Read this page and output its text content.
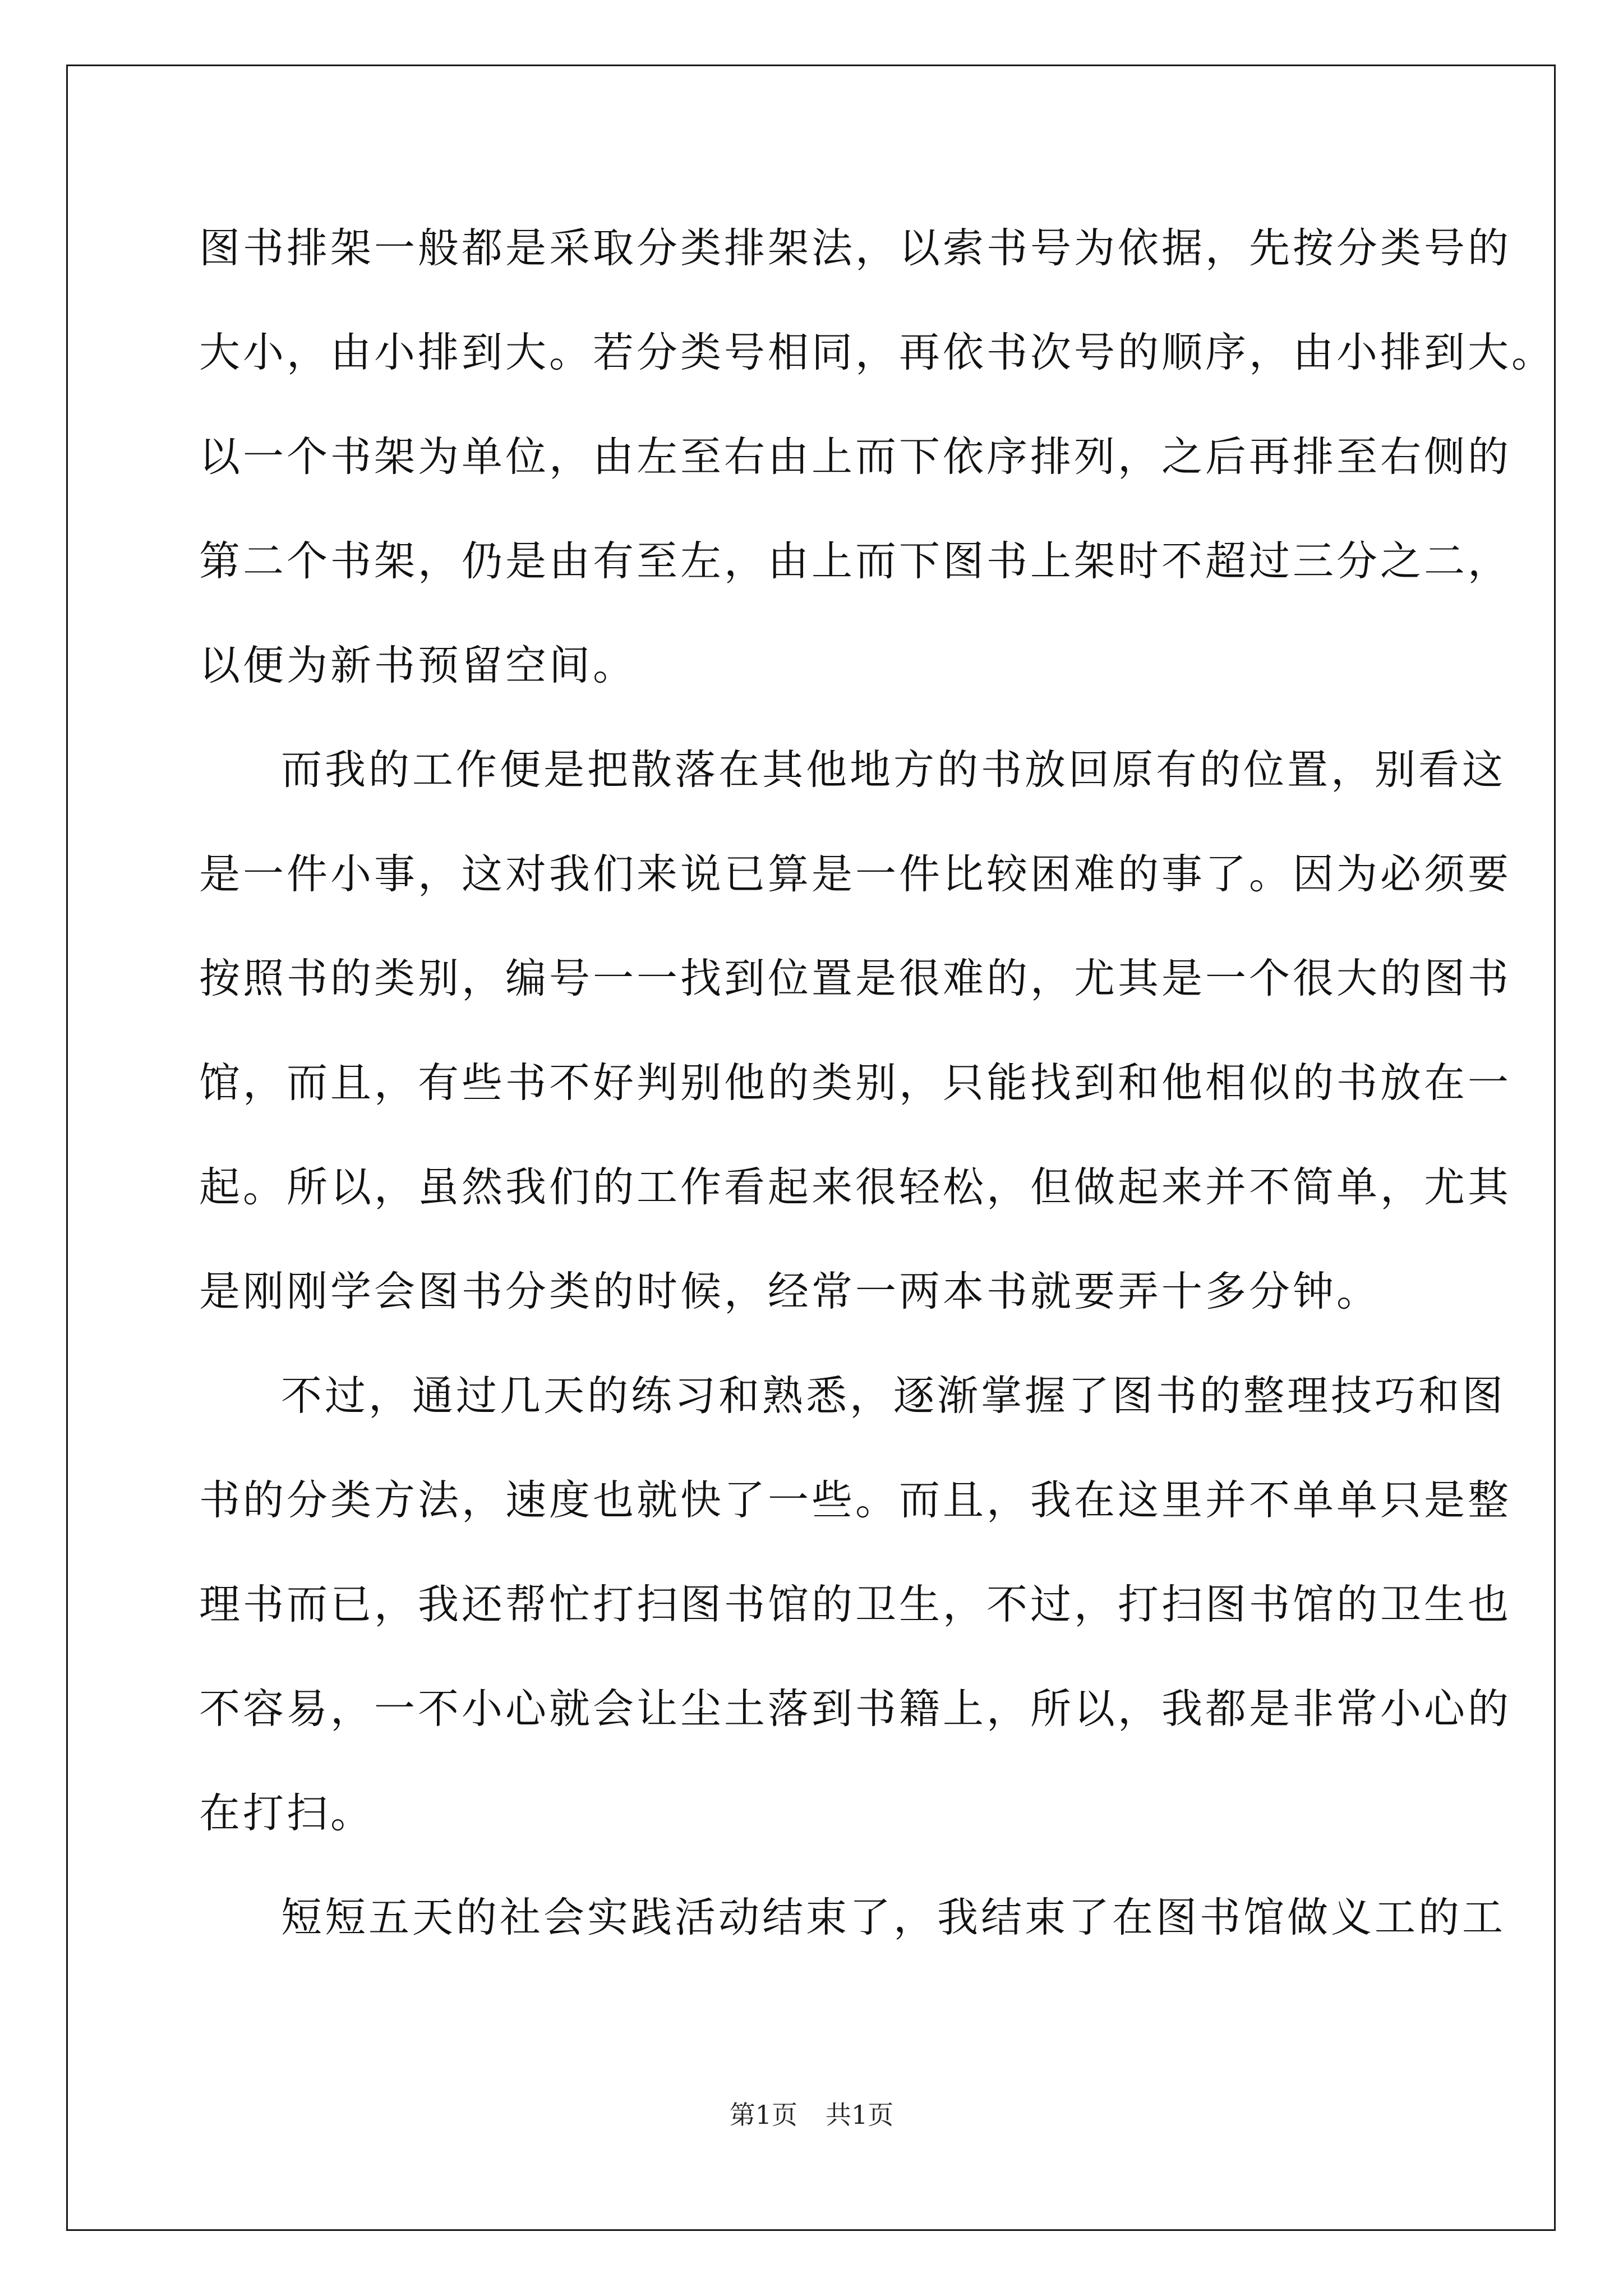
图书排架一般都是采取分类排架法，以索书号为依据，先按分类号的
大小，由小排到大。若分类号相同，再依书次号的顺序，由小排到大。
以一个书架为单位，由左至右由上而下依序排列，之后再排至右侧的
第二个书架，仍是由有至左，由上而下图书上架时不超过三分之二，
以便为新书预留空间。
而我的工作便是把散落在其他地方的书放回原有的位置，别看这
是一件小事，这对我们来说已算是一件比较困难的事了。因为必须要
按照书的类别，编号一一找到位置是很难的，尤其是一个很大的图书
馆，而且，有些书不好判别他的类别，只能找到和他相似的书放在一
起。所以，虽然我们的工作看起来很轻松，但做起来并不简单，尤其
是刚刚学会图书分类的时候，经常一两本书就要弄十多分钟。
不过，通过几天的练习和熟悉，逐渐掌握了图书的整理技巧和图
书的分类方法，速度也就快了一些。而且，我在这里并不单单只是整
理书而已，我还帮忙打扫图书馆的卫生，不过，打扫图书馆的卫生也
不容易，一不小心就会让尘土落到书籍上，所以，我都是非常小心的
在打扫。
短短五天的社会实践活动结束了，我结束了在图书馆做义工的工
第1页 共1页
